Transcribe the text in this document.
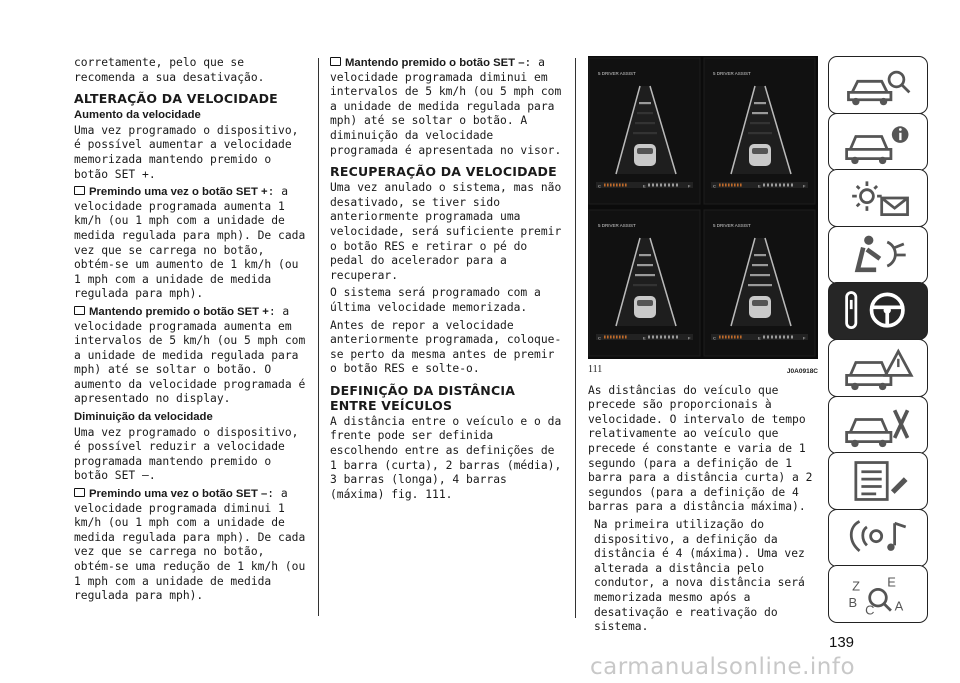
corretamente, pelo que se recomenda a sua desativação.

ALTERAÇÃO DA VELOCIDADE
Aumento da velocidade

Uma vez programado o dispositivo, é possível aumentar a velocidade memorizada mantendo premido o botão SET +.

Premindo uma vez o botão SET +: a velocidade programada aumenta 1 km/h (ou 1 mph com a unidade de medida regulada para mph). De cada vez que se carrega no botão, obtém-se um aumento de 1 km/h (ou 1 mph com a unidade de medida regulada para mph).

Mantendo premido o botão SET +: a velocidade programada aumenta em intervalos de 5 km/h (ou 5 mph com a unidade de medida regulada para mph) até se soltar o botão. O aumento da velocidade programada é apresentado no display.

Diminuição da velocidade

Uma vez programado o dispositivo, é possível reduzir a velocidade programada mantendo premido o botão SET –.

Premindo uma vez o botão SET –: a velocidade programada diminui 1 km/h (ou 1 mph com a unidade de medida regulada para mph). De cada vez que se carrega no botão, obtém-se uma redução de 1 km/h (ou 1 mph com a unidade de medida regulada para mph).

Mantendo premido o botão SET –: a velocidade programada diminui em intervalos de 5 km/h (ou 5 mph com a unidade de medida regulada para mph) até se soltar o botão. A diminuição da velocidade programada é apresentada no visor.

RECUPERAÇÃO DA VELOCIDADE

Uma vez anulado o sistema, mas não desativado, se tiver sido anteriormente programada uma velocidade, será suficiente premir o botão RES e retirar o pé do pedal do acelerador para a recuperar.

O sistema será programado com a última velocidade memorizada.

Antes de repor a velocidade anteriormente programada, coloque-se perto da mesma antes de premir o botão RES e solte-o.

DEFINIÇÃO DA DISTÂNCIA ENTRE VEÍCULOS

A distância entre o veículo e o da frente pode ser definida escolhendo entre as definições de 1 barra (curta), 2 barras (média), 3 barras (longa), 4 barras (máxima) fig. 111.

5 DRIVER ASSIST
C	E	F
5 DRIVER ASSIST
C	E	F
5 DRIVER ASSIST
C	E	F
5 DRIVER ASSIST
C	E	F
111	J0A0918C

As distâncias do veículo que precede são proporcionais à velocidade. O intervalo de tempo relativamente ao veículo que precede é constante e varia de 1 segundo (para a definição de 1 barra para a distância curta) a 2 segundos (para a definição de 4 barras para a distância máxima).

Na primeira utilização do dispositivo, a definição da distância é 4 (máxima). Uma vez alterada a distância pelo condutor, a nova distância será memorizada mesmo após a desativação e reativação do sistema.

Z E
B C A
139
carmanualsonline.info
